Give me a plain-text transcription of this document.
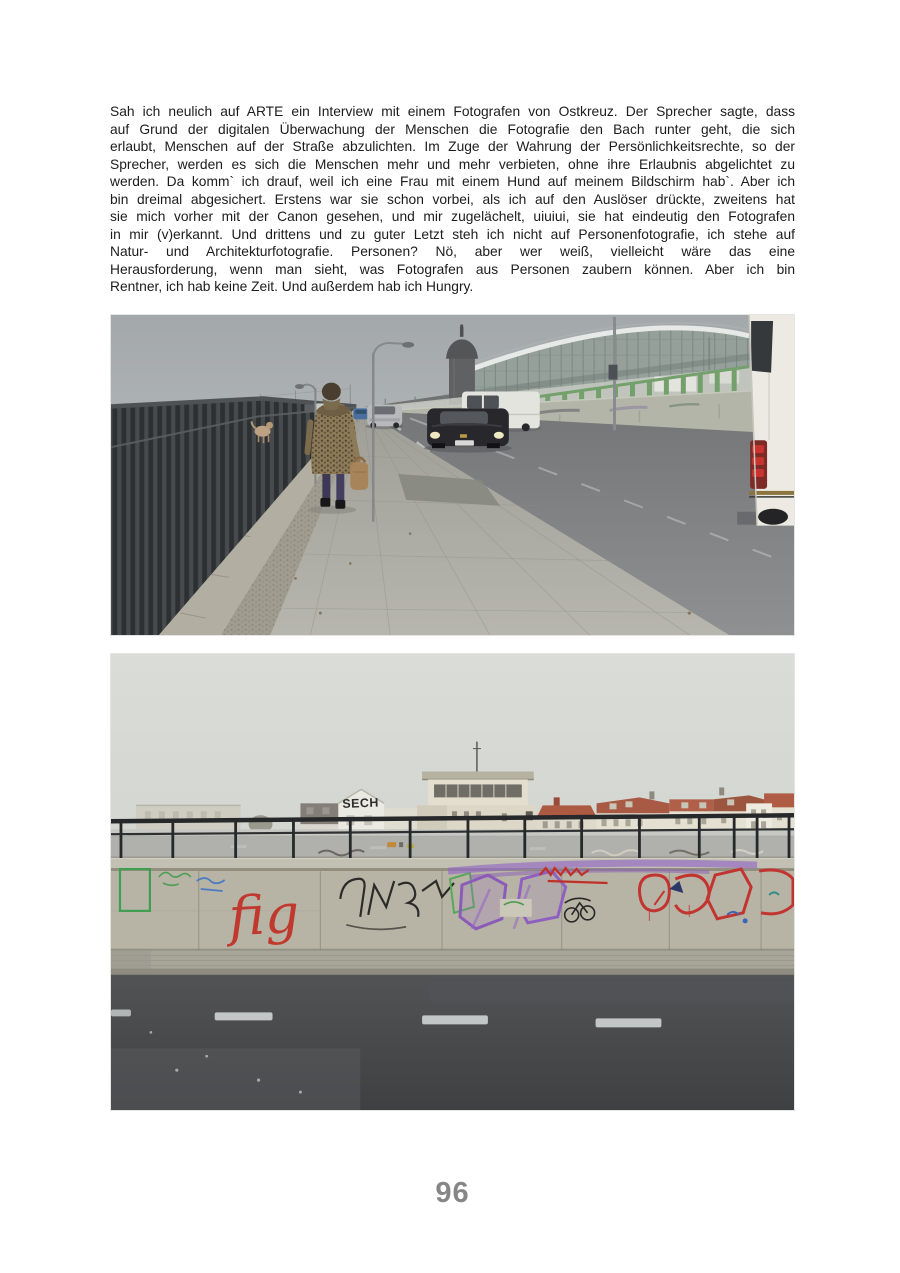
Sah ich neulich auf ARTE ein Interview mit einem Fotografen von Ostkreuz. Der Sprecher sagte, dass
auf Grund der digitalen Überwachung der Menschen die Fotografie den Bach runter geht, die sich
erlaubt, Menschen auf der Straße abzulichten. Im Zuge der Wahrung der Persönlichkeitsrechte, so der
Sprecher, werden es sich die Menschen mehr und mehr verbieten, ohne ihre Erlaubnis abgelichtet zu
werden. Da komm` ich drauf, weil ich eine Frau mit einem Hund auf meinem Bildschirm hab`. Aber ich
bin dreimal abgesichert. Erstens war sie schon vorbei, als ich auf den Auslöser drückte, zweitens hat
sie mich vorher mit der Canon gesehen, und mir zugelächelt, uiuiui, sie hat eindeutig den Fotografen
in mir (v)erkannt. Und drittens und zu guter Letzt steh ich nicht auf Personenfotografie, ich stehe auf
Natur- und Architekturfotografie. Personen? Nö, aber wer weiß, vielleicht wäre das eine
Herausforderung, wenn man sieht, was Fotografen aus Personen zaubern können. Aber ich bin
Rentner, ich hab keine Zeit. Und außerdem hab ich Hungry.
SECH
fig
96
